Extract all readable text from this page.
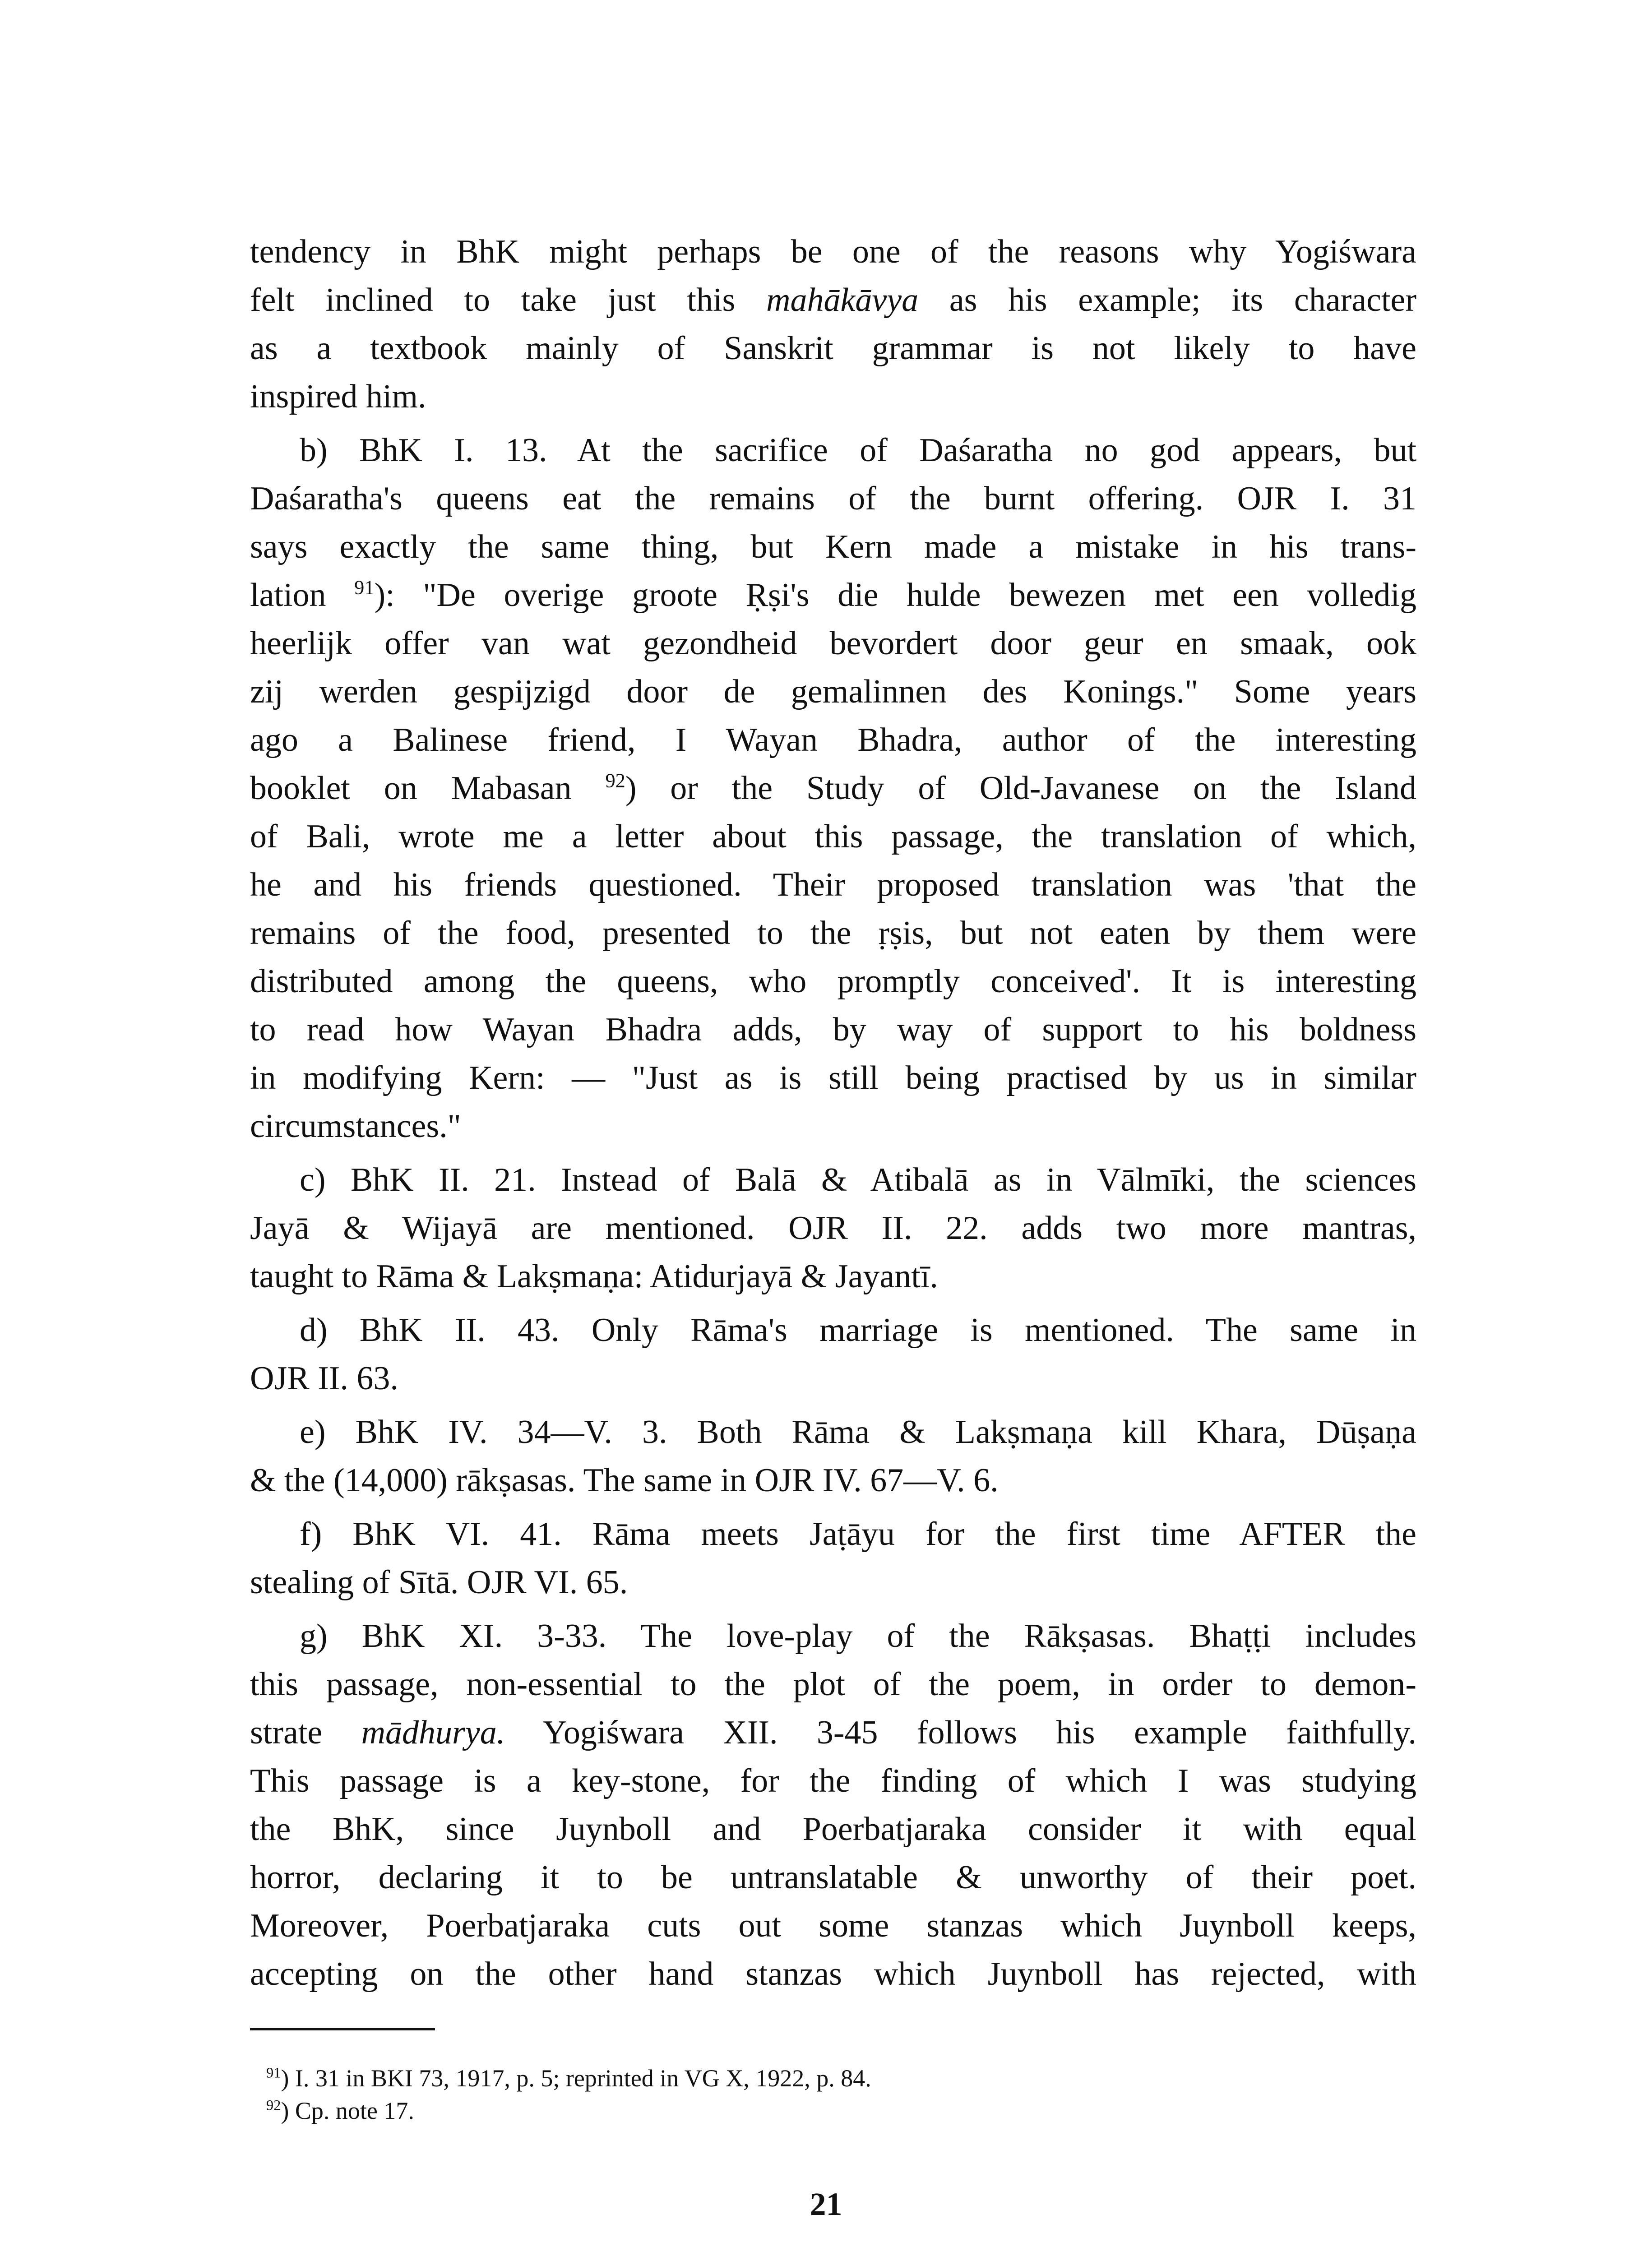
tendency in BhK might perhaps be one of the reasons why Yogiśwara
felt inclined to take just this mahākāvya as his example; its character
as a textbook mainly of Sanskrit grammar is not likely to have
inspired him.
b) BhK I. 13. At the sacrifice of Daśaratha no god appears, but
Daśaratha's queens eat the remains of the burnt offering. OJR I. 31
says exactly the same thing, but Kern made a mistake in his trans-
lation $^{91}$): "De overige groote Ṛṣi's die hulde bewezen met een volledig
heerlijk offer van wat gezondheid bevordert door geur en smaak, ook
zij werden gespijzigd door de gemalinnen des Konings." Some years
ago a Balinese friend, I Wayan Bhadra, author of the interesting
booklet on Mabasan $^{92}$) or the Study of Old-Javanese on the Island
of Bali, wrote me a letter about this passage, the translation of which,
he and his friends questioned. Their proposed translation was 'that the
remains of the food, presented to the ṛṣis, but not eaten by them were
distributed among the queens, who promptly conceived'. It is interesting
to read how Wayan Bhadra adds, by way of support to his boldness
in modifying Kern: — "Just as is still being practised by us in similar
circumstances."
c) BhK II. 21. Instead of Balā & Atibalā as in Vālmīki, the sciences
Jayā & Wijayā are mentioned. OJR II. 22. adds two more mantras,
taught to Rāma & Lakṣmaṇa: Atidurjayā & Jayantī.
d) BhK II. 43. Only Rāma's marriage is mentioned. The same in
OJR II. 63.
e) BhK IV. 34—V. 3. Both Rāma & Lakṣmaṇa kill Khara, Dūṣaṇa
& the (14,000) rākṣasas. The same in OJR IV. 67—V. 6.
f) BhK VI. 41. Rāma meets Jaṭāyu for the first time AFTER the
stealing of Sītā. OJR VI. 65.
g) BhK XI. 3-33. The love-play of the Rākṣasas. Bhaṭṭi includes
this passage, non-essential to the plot of the poem, in order to demon-
strate mādhurya. Yogiśwara XII. 3-45 follows his example faithfully.
This passage is a key-stone, for the finding of which I was studying
the BhK, since Juynboll and Poerbatjaraka consider it with equal
horror, declaring it to be untranslatable & unworthy of their poet.
Moreover, Poerbatjaraka cuts out some stanzas which Juynboll keeps,
accepting on the other hand stanzas which Juynboll has rejected, with
$^{91}$) I. 31 in BKI 73, 1917, p. 5; reprinted in VG X, 1922, p. 84.
$^{92}$) Cp. note 17.
21
